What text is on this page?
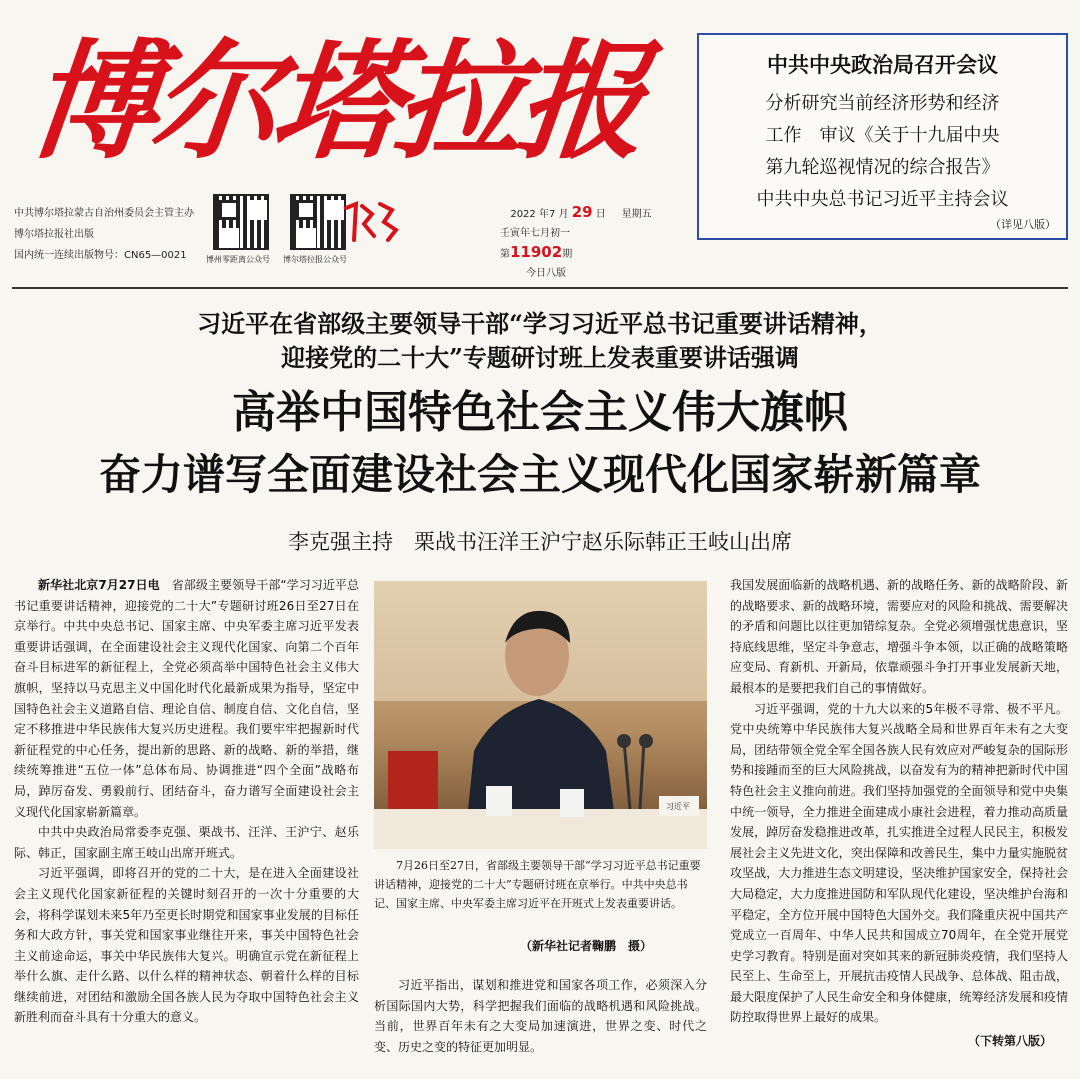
博尔塔拉报
中共博尔塔拉蒙古自治州委员会主管主办
博尔塔拉报社出版
国内统一连续出版物号：CN65—0021	博州零距离公众号 博尔塔拉报公众号
2022 年7 月 29 日 星期五
壬寅年七月初一
第11902期
今日八版
中共中央政治局召开会议
分析研究当前经济形势和经济
工作　审议《关于十九届中央
第九轮巡视情况的综合报告》
中共中央总书记习近平主持会议
（详见八版）
习近平在省部级主要领导干部“学习习近平总书记重要讲话精神，
迎接党的二十大”专题研讨班上发表重要讲话强调
高举中国特色社会主义伟大旗帜
奋力谱写全面建设社会主义现代化国家崭新篇章
李克强主持　栗战书汪洋王沪宁赵乐际韩正王岐山出席

新华社北京7月27日电　 省部级主要领导干部“学习习近平总书记重要讲话精神，迎接党的二十大”专题研讨班26日至27日在京举行。中共中央总书记、国家主席、中央军委主席习近平发表重要讲话强调，在全面建设社会主义现代化国家、向第二个百年奋斗目标进军的新征程上，全党必须高举中国特色社会主义伟大旗帜，坚持以马克思主义中国化时代化最新成果为指导，坚定中国特色社会主义道路自信、理论自信、制度自信、文化自信，坚定不移推进中华民族伟大复兴历史进程。我们要牢牢把握新时代新征程党的中心任务，提出新的思路、新的战略、新的举措，继续统筹推进“五位一体”总体布局、协调推进“四个全面”战略布局，踔厉奋发、勇毅前行、团结奋斗，奋力谱写全面建设社会主义现代化国家崭新篇章。

中共中央政治局常委李克强、栗战书、汪洋、王沪宁、赵乐际、韩正，国家副主席王岐山出席开班式。

习近平强调，即将召开的党的二十大，是在进入全面建设社会主义现代化国家新征程的关键时刻召开的一次十分重要的大会，将科学谋划未来5年乃至更长时期党和国家事业发展的目标任务和大政方针，事关党和国家事业继往开来，事关中国特色社会主义前途命运，事关中华民族伟大复兴。明确宣示党在新征程上举什么旗、走什么路、以什么样的精神状态、朝着什么样的目标继续前进，对团结和激励全国各族人民为夺取中国特色社会主义新胜利而奋斗具有十分重大的意义。

习近平
7月26日至27日，省部级主要领导干部“学习习近平总书记重要讲话精神，迎接党的二十大”专题研讨班在京举行。中共中央总书记、国家主席、中央军委主席习近平在开班式上发表重要讲话。
（新华社记者鞠鹏　摄）

习近平指出，谋划和推进党和国家各项工作，必须深入分析国际国内大势，科学把握我们面临的战略机遇和风险挑战。当前，世界百年未有之大变局加速演进，世界之变、时代之变、历史之变的特征更加明显。

我国发展面临新的战略机遇、新的战略任务、新的战略阶段、新的战略要求、新的战略环境，需要应对的风险和挑战、需要解决的矛盾和问题比以往更加错综复杂。全党必须增强忧患意识，坚持底线思维，坚定斗争意志，增强斗争本领，以正确的战略策略应变局、育新机、开新局，依靠顽强斗争打开事业发展新天地，最根本的是要把我们自己的事情做好。

习近平强调，党的十九大以来的5年极不寻常、极不平凡。党中央统筹中华民族伟大复兴战略全局和世界百年未有之大变局，团结带领全党全军全国各族人民有效应对严峻复杂的国际形势和接踵而至的巨大风险挑战，以奋发有为的精神把新时代中国特色社会主义推向前进。我们坚持加强党的全面领导和党中央集中统一领导，全力推进全面建成小康社会进程，着力推动高质量发展，踔厉奋发稳推进改革，扎实推进全过程人民民主，积极发展社会主义先进文化，突出保障和改善民生，集中力量实施脱贫攻坚战，大力推进生态文明建设，坚决维护国家安全，保持社会大局稳定，大力度推进国防和军队现代化建设，坚决维护台海和平稳定，全方位开展中国特色大国外交。我们隆重庆祝中国共产党成立一百周年、中华人民共和国成立70周年，在全党开展党史学习教育。特别是面对突如其来的新冠肺炎疫情，我们坚持人民至上、生命至上，开展抗击疫情人民战争、总体战、阻击战，最大限度保护了人民生命安全和身体健康，统筹经济发展和疫情防控取得世界上最好的成果。

（下转第八版）
